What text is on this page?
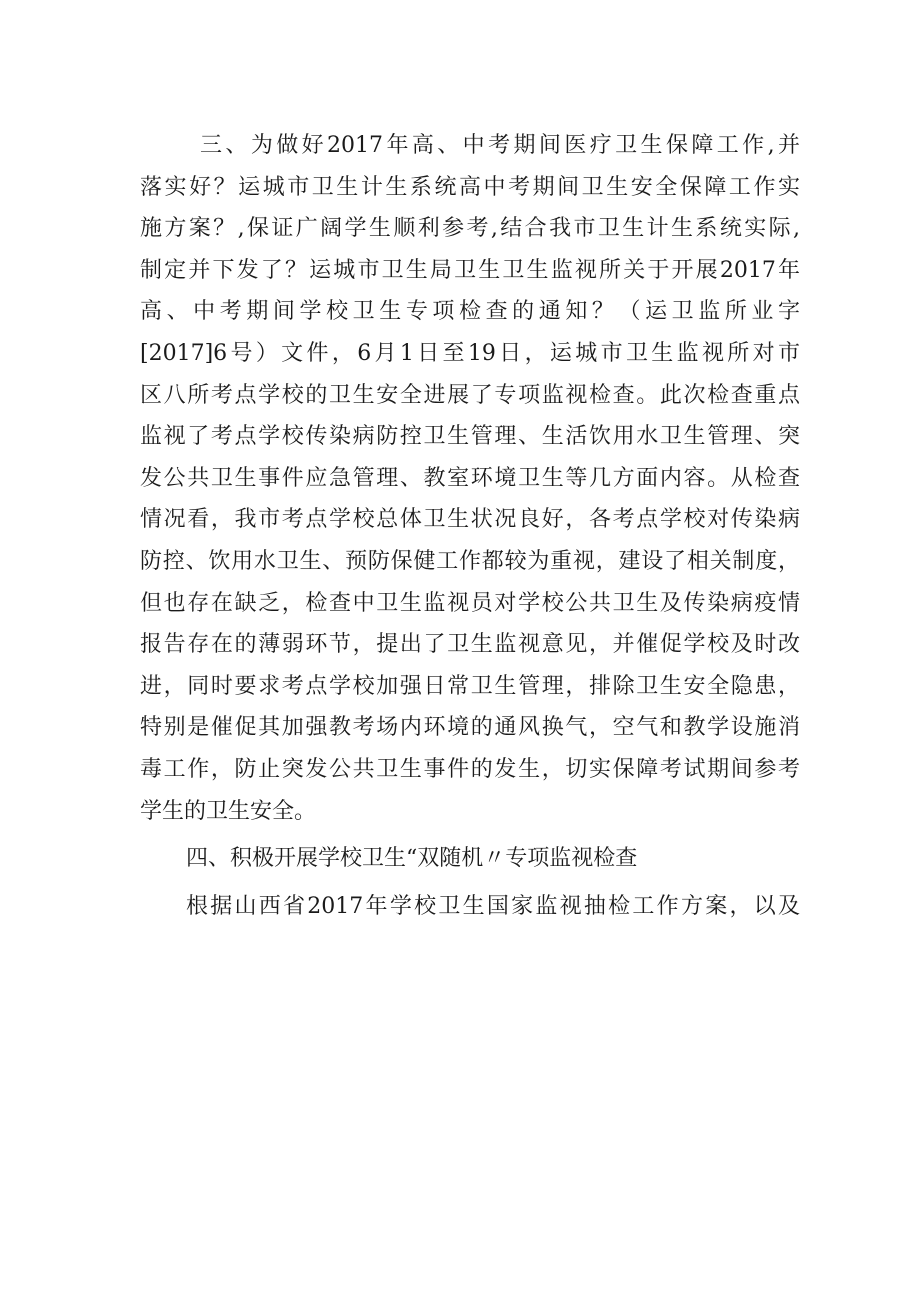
三、为做好2017年高、中考期间医疗卫生保障工作,并
落实好？运城市卫生计生系统高中考期间卫生安全保障工作实
施方案？,保证广阔学生顺利参考,结合我市卫生计生系统实际,
制定并下发了？运城市卫生局卫生卫生监视所关于开展2017年
高、中考期间学校卫生专项检查的通知？（运卫监所业字
[2017]6号）文件，6月1日至19日，运城市卫生监视所对市
区八所考点学校的卫生安全进展了专项监视检查。此次检查重点
监视了考点学校传染病防控卫生管理、生活饮用水卫生管理、突
发公共卫生事件应急管理、教室环境卫生等几方面内容。从检查
情况看，我市考点学校总体卫生状况良好，各考点学校对传染病
防控、饮用水卫生、预防保健工作都较为重视，建设了相关制度，
但也存在缺乏，检查中卫生监视员对学校公共卫生及传染病疫情
报告存在的薄弱环节，提出了卫生监视意见，并催促学校及时改
进，同时要求考点学校加强日常卫生管理，排除卫生安全隐患，
特别是催促其加强教考场内环境的通风换气，空气和教学设施消
毒工作，防止突发公共卫生事件的发生，切实保障考试期间参考
学生的卫生安全。
四、积极开展学校卫生“双随机〃专项监视检查
根据山西省2017年学校卫生国家监视抽检工作方案，以及
